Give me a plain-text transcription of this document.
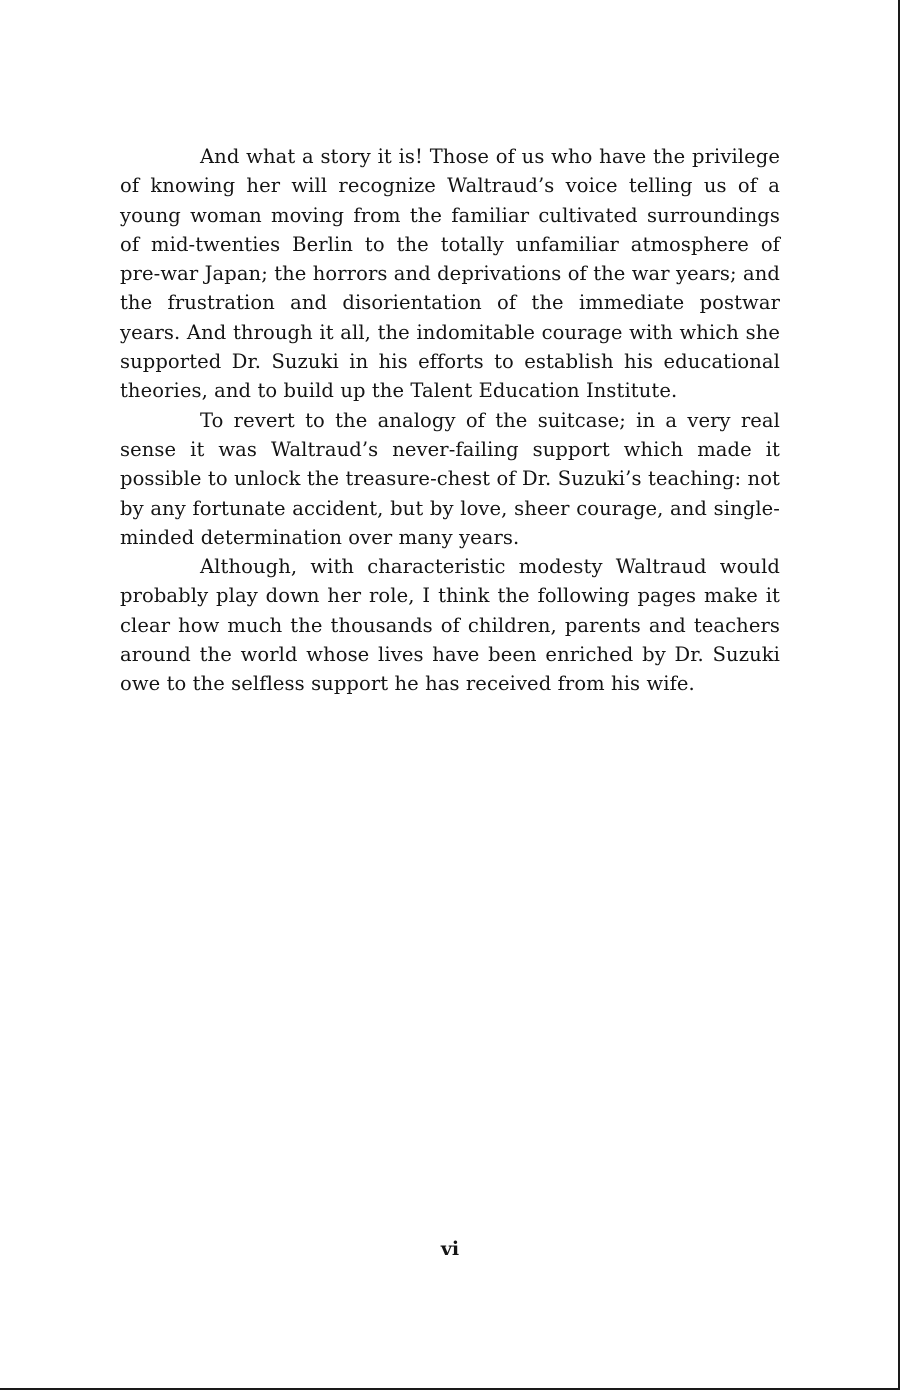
And what a story it is! Those of us who have the privilege of knowing her will recognize Waltraud’s voice telling us of a young woman moving from the familiar cultivated surroundings of mid-twenties Berlin to the totally unfamiliar atmosphere of pre-war Japan; the horrors and deprivations of the war years; and the frustration and disorientation of the immediate postwar years. And through it all, the indomitable courage with which she supported Dr. Suzuki in his efforts to establish his educational theories, and to build up the Talent Education Institute.

To revert to the analogy of the suitcase; in a very real sense it was Waltraud’s never-failing support which made it possible to unlock the treasure-chest of Dr. Suzuki’s teaching: not by any fortunate accident, but by love, sheer courage, and single-minded determination over many years.

Although, with characteristic modesty Waltraud would probably play down her role, I think the following pages make it clear how much the thousands of children, parents and teachers around the world whose lives have been enriched by Dr. Suzuki owe to the selfless support he has received from his wife.

vi
